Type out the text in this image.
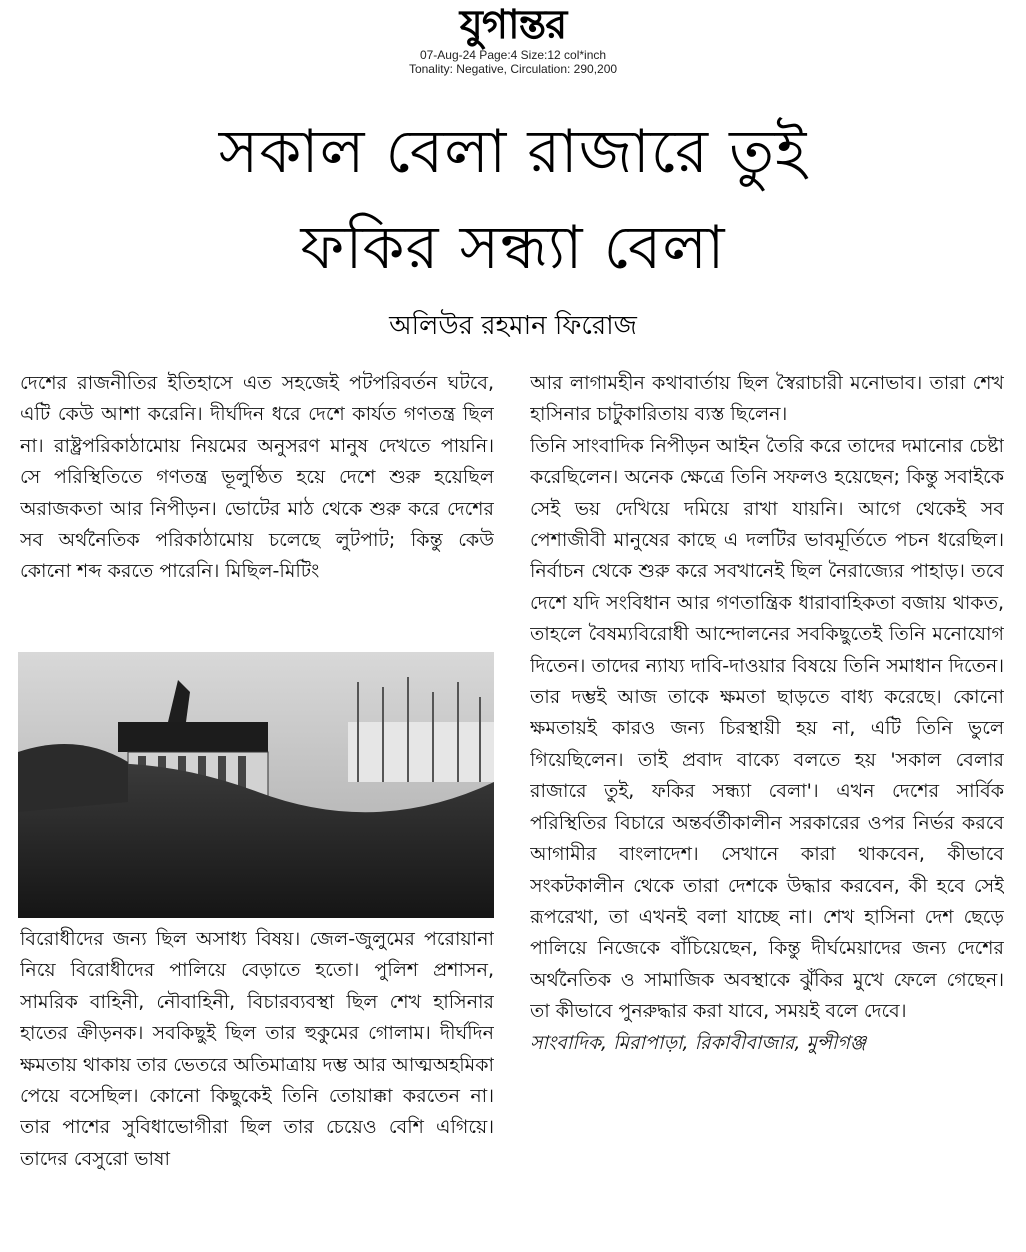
যুগান্তর
07-Aug-24 Page:4 Size:12 col*inch
Tonality: Negative, Circulation: 290,200
সকাল বেলা রাজারে তুই
ফকির সন্ধ্যা বেলা
অলিউর রহমান ফিরোজ

দেশের রাজনীতির ইতিহাসে এত সহজেই পটপরিবর্তন ঘটবে, এটি কেউ আশা করেনি। দীর্ঘদিন ধরে দেশে কার্যত গণতন্ত্র ছিল না। রাষ্ট্রপরিকাঠামোয় নিয়মের অনুসরণ মানুষ দেখতে পায়নি। সে পরিস্থিতিতে গণতন্ত্র ভূলুণ্ঠিত হয়ে দেশে শুরু হয়েছিল অরাজকতা আর নিপীড়ন। ভোটের মাঠ থেকে শুরু করে দেশের সব অর্থনৈতিক পরিকাঠামোয় চলেছে লুটপাট; কিন্তু কেউ কোনো শব্দ করতে পারেনি। মিছিল-মিটিং

বিরোধীদের জন্য ছিল অসাধ্য বিষয়। জেল-জুলুমের পরোয়ানা নিয়ে বিরোধীদের পালিয়ে বেড়াতে হতো। পুলিশ প্রশাসন, সামরিক বাহিনী, নৌবাহিনী, বিচারব্যবস্থা ছিল শেখ হাসিনার হাতের ক্রীড়নক। সবকিছুই ছিল তার হুকুমের গোলাম। দীর্ঘদিন ক্ষমতায় থাকায় তার ভেতরে অতিমাত্রায় দম্ভ আর আত্মঅহমিকা পেয়ে বসেছিল। কোনো কিছুকেই তিনি তোয়াক্কা করতেন না। তার পাশের সুবিধাভোগীরা ছিল তার চেয়েও বেশি এগিয়ে। তাদের বেসুরো ভাষা

আর লাগামহীন কথাবার্তায় ছিল স্বৈরাচারী মনোভাব। তারা শেখ হাসিনার চাটুকারিতায় ব্যস্ত ছিলেন।

তিনি সাংবাদিক নিপীড়ন আইন তৈরি করে তাদের দমানোর চেষ্টা করেছিলেন। অনেক ক্ষেত্রে তিনি সফলও হয়েছেন; কিন্তু সবাইকে সেই ভয় দেখিয়ে দমিয়ে রাখা যায়নি। আগে থেকেই সব পেশাজীবী মানুষের কাছে এ দলটির ভাবমূর্তিতে পচন ধরেছিল। নির্বাচন থেকে শুরু করে সবখানেই ছিল নৈরাজ্যের পাহাড়। তবে দেশে যদি সংবিধান আর গণতান্ত্রিক ধারাবাহিকতা বজায় থাকত, তাহলে বৈষম্যবিরোধী আন্দোলনের সবকিছুতেই তিনি মনোযোগ দিতেন। তাদের ন্যায্য দাবি-দাওয়ার বিষয়ে তিনি সমাধান দিতেন। তার দম্ভই আজ তাকে ক্ষমতা ছাড়তে বাধ্য করেছে। কোনো ক্ষমতায়ই কারও জন্য চিরস্থায়ী হয় না, এটি তিনি ভুলে গিয়েছিলেন। তাই প্রবাদ বাক্যে বলতে হয় 'সকাল বেলার রাজারে তুই, ফকির সন্ধ্যা বেলা'। এখন দেশের সার্বিক পরিস্থিতির বিচারে অন্তর্বর্তীকালীন সরকারের ওপর নির্ভর করবে আগামীর বাংলাদেশ। সেখানে কারা থাকবেন, কীভাবে সংকটকালীন থেকে তারা দেশকে উদ্ধার করবেন, কী হবে সেই রূপরেখা, তা এখনই বলা যাচ্ছে না। শেখ হাসিনা দেশ ছেড়ে পালিয়ে নিজেকে বাঁচিয়েছেন, কিন্তু দীর্ঘমেয়াদের জন্য দেশের অর্থনৈতিক ও সামাজিক অবস্থাকে ঝুঁকির মুখে ফেলে গেছেন। তা কীভাবে পুনরুদ্ধার করা যাবে, সময়ই বলে দেবে।

সাংবাদিক, মিরাপাড়া, রিকাবীবাজার, মুন্সীগঞ্জ
